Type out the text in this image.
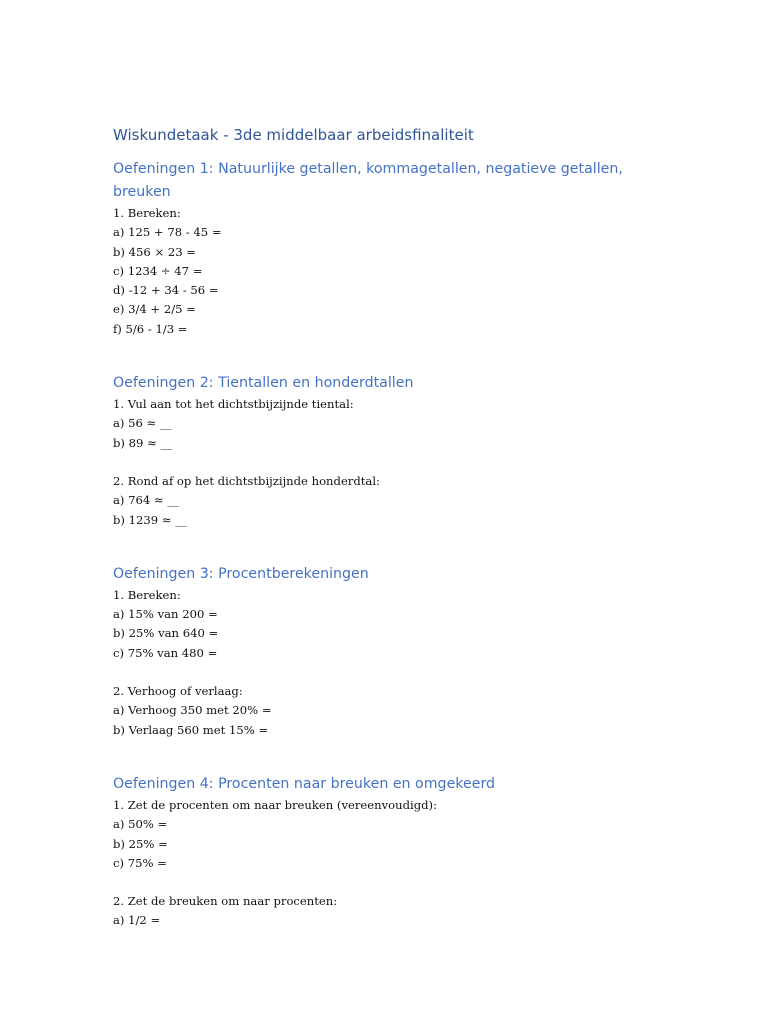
Wiskundetaak - 3de middelbaar arbeidsfinaliteit
Oefeningen 1: Natuurlijke getallen, kommagetallen, negatieve getallen, breuken

1. Bereken:

a) 125 + 78 - 45 =

b) 456 × 23 =

c) 1234 ÷ 47 =

d) -12 + 34 - 56 =

e) 3/4 + 2/5 =

f) 5/6 - 1/3 =

Oefeningen 2: Tientallen en honderdtallen

1. Vul aan tot het dichtstbijzijnde tiental:

a) 56 ≈ __

b) 89 ≈ __

2. Rond af op het dichtstbijzijnde honderdtal:

a) 764 ≈ __

b) 1239 ≈ __

Oefeningen 3: Procentberekeningen

1. Bereken:

a) 15% van 200 =

b) 25% van 640 =

c) 75% van 480 =

2. Verhoog of verlaag:

a) Verhoog 350 met 20% =

b) Verlaag 560 met 15% =

Oefeningen 4: Procenten naar breuken en omgekeerd

1. Zet de procenten om naar breuken (vereenvoudigd):

a) 50% =

b) 25% =

c) 75% =

2. Zet de breuken om naar procenten:

a) 1/2 =
